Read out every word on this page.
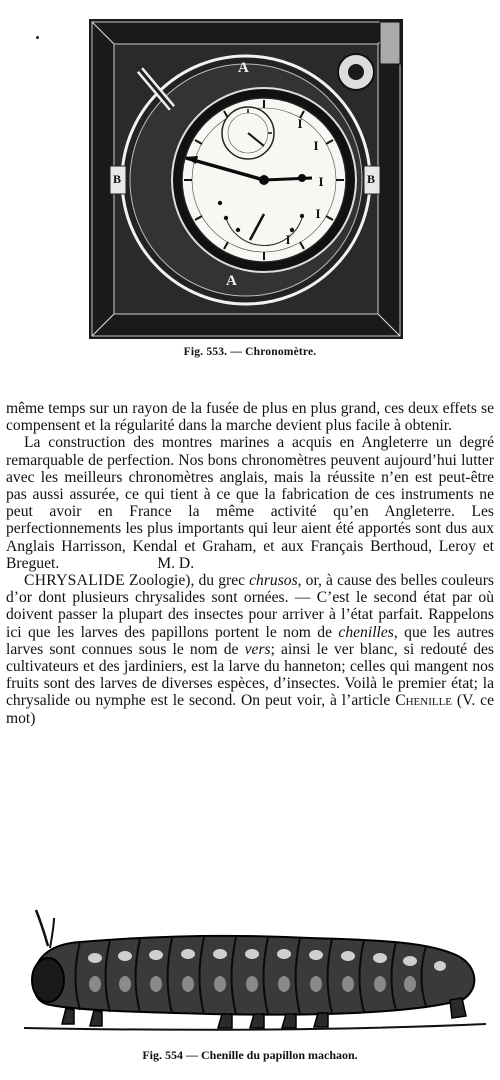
I
I
I
I
I
A
A
B	B
Fig. 553. — Chronomètre.

même temps sur un rayon de la fusée de plus en plus grand, ces deux effets se compensent et la régularité dans la marche devient plus facile à obtenir.

La construction des montres marines a acquis en Angleterre un degré remarquable de perfection. Nos bons chronomètres peuvent aujourd’hui lutter avec les meilleurs chronomètres anglais, mais la réussite n’en est peut-être pas aussi assurée, ce qui tient à ce que la fabrication de ces instruments ne peut avoir en France la même activité qu’en Angleterre. Les perfectionnements les plus importants qui leur aient été apportés sont dus aux Anglais Harrisson, Kendal et Graham, et aux Français Berthoud, Leroy et Breguet.	M. D.

CHRYSALIDE Zoologie), du grec chrusos, or, à cause des belles couleurs d’or dont plusieurs chrysalides sont ornées. — C’est le second état par où doivent passer la plupart des insectes pour arriver à l’état parfait. Rappelons ici que les larves des papillons portent le nom de chenilles, que les autres larves sont connues sous le nom de vers; ainsi le ver blanc, si redouté des cultivateurs et des jardiniers, est la larve du hanneton; celles qui mangent nos fruits sont des larves de diverses espèces, d’insectes. Voilà le premier état; la chrysalide ou nymphe est le second. On peut voir, à l’article Chenille (V. ce mot)

Fig. 554 — Chenille du papillon machaon.
